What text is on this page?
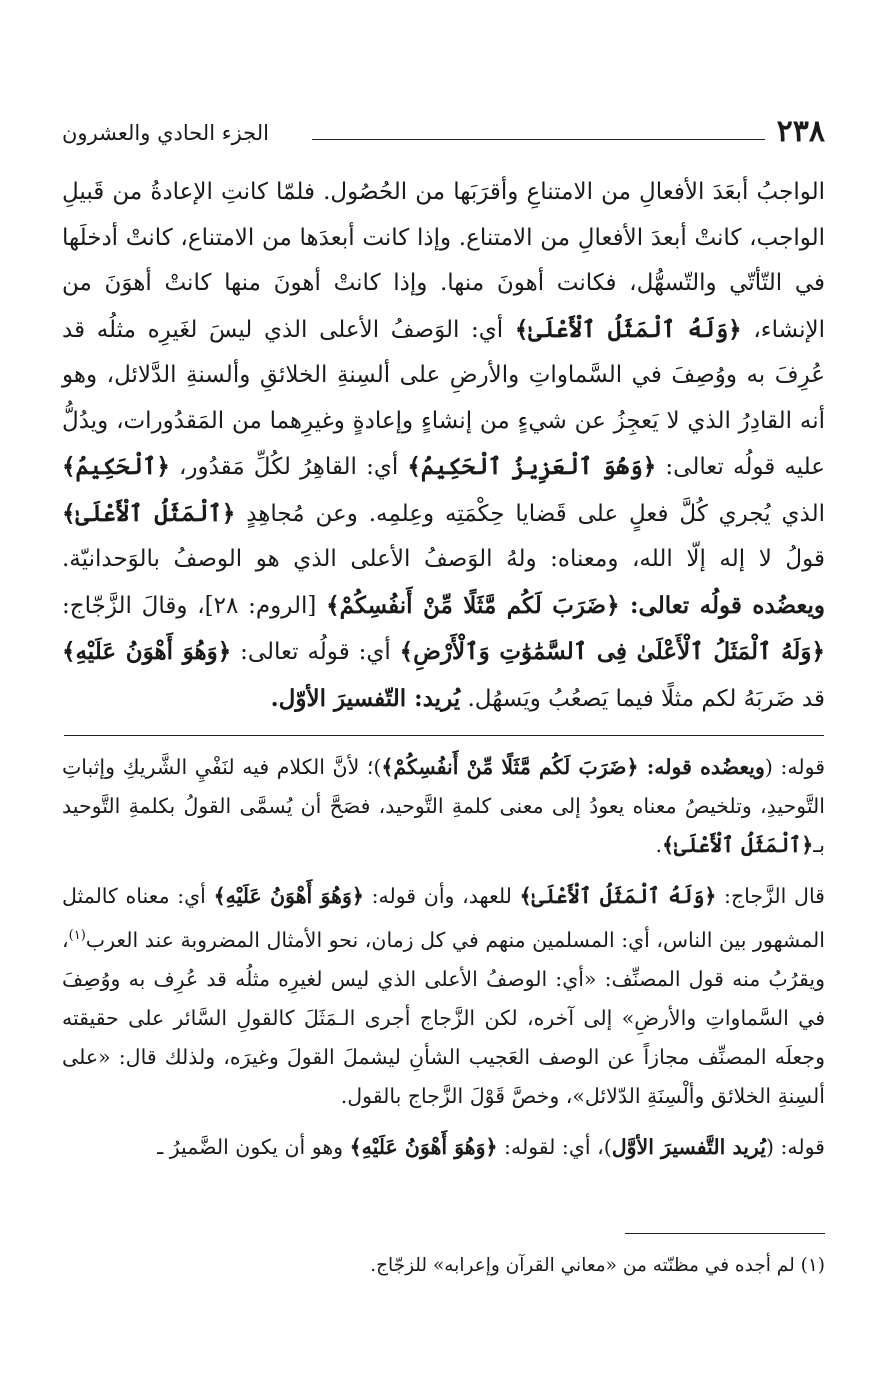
٢٣٨
الجزء الحادي والعشرون

الواجبُ أبعَدَ الأفعالِ من الامتناعِ وأقرَبَها من الحُصُول. فلمّا كانتِ الإعادةُ من قَبيلِ الواجب، كانتْ أبعدَ الأفعالِ من الامتناع. وإذا كانت أبعدَها من الامتناع، كانتْ أدخلَها في التّأتّي والتّسهُّل، فكانت أهونَ منها. وإذا كانتْ أهونَ منها كانتْ أهوَنَ من الإنشاء، ﴿وَلَهُ ٱلْمَثَلُ ٱلْأَعْلَىٰ﴾ أي: الوَصفُ الأعلى الذي ليسَ لغَيرِه مثلُه قد عُرِفَ به ووُصِفَ في السَّماواتِ والأرضِ على ألسِنةِ الخلائقِ وألسنةِ الدَّلائل، وهو أنه القادِرُ الذي لا يَعجِزُ عن شيءٍ من إنشاءٍ وإعادةٍ وغيرِهما من المَقدُورات، ويدُلُّ عليه قولُه تعالى: ﴿وَهُوَ ٱلْعَزِيزُ ٱلْحَكِيمُ﴾ أي: القاهِرُ لكُلِّ مَقدُور، ﴿ٱلْحَكِيمُ﴾ الذي يُجري كُلَّ فعلٍ على قَضايا حِكْمَتِه وعِلمِه. وعن مُجاهِدٍ ﴿ٱلْمَثَلُ ٱلْأَعْلَىٰ﴾ قولُ لا إله إلّا الله، ومعناه: ولهُ الوَصفُ الأعلى الذي هو الوصفُ بالوَحدانيّة. ويعضُده قولُه تعالى: ﴿ضَرَبَ لَكُم مَّثَلًا مِّنْ أَنفُسِكُمْ﴾ [الروم: ٢٨]، وقالَ الزَّجّاج: ﴿وَلَهُ ٱلْمَثَلُ ٱلْأَعْلَىٰ فِى ٱلسَّمَٰوَٰتِ وَٱلْأَرْضِ﴾ أي: قولُه تعالى: ﴿وَهُوَ أَهْوَنُ عَلَيْهِ﴾ قد ضَربَهُ لكم مثلًا فيما يَصعُبُ ويَسهُل. يُريد: التّفسيرَ الأوّل.

قوله: (ويعضُده قوله: ﴿ضَرَبَ لَكُم مَّثَلًا مِّنْ أَنفُسِكُمْ﴾)؛ لأنَّ الكلام فيه لنَفْيِ الشَّريكِ وإثباتِ التَّوحيدِ، وتلخيصُ معناه يعودُ إلى معنى كلمةِ التَّوحيد، فصَحَّ أن يُسمَّى القولُ بكلمةِ التَّوحيد بـ﴿ٱلْمَثَلُ ٱلْأَعْلَىٰ﴾.

قال الزَّجاج: ﴿وَلَهُ ٱلْمَثَلُ ٱلْأَعْلَىٰ﴾ للعهد، وأن قوله: ﴿وَهُوَ أَهْوَنُ عَلَيْهِ﴾ أي: معناه كالمثل المشهور بين الناس، أي: المسلمين منهم في كل زمان، نحو الأمثال المضروبة عند العرب$^{(١)}$، ويقرُبُ منه قول المصنِّف: «أي: الوصفُ الأعلى الذي ليس لغيرِه مثلُه قد عُرِف به ووُصِفَ في السَّماواتِ والأرضِ» إلى آخره، لكن الزَّجاج أجرى الـمَثَلَ كالقولِ السَّائر على حقيقته وجعلَه المصنِّف مجازاً عن الوصف العَجيب الشأنِ ليشملَ القولَ وغيرَه، ولذلك قال: «على ألسِنةِ الخلائق وألْسِنَةِ الدّلائل»، وخصَّ قَوْلَ الزَّجاج بالقول.

قوله: (يُريد التَّفسيرَ الأوَّل)، أي: لقوله: ﴿وَهُوَ أَهْوَنُ عَلَيْهِ﴾ وهو أن يكون الضَّميرُ ـ

(١) لم أجده في مظنّته من «معاني القرآن وإعرابه» للزجّاج.
